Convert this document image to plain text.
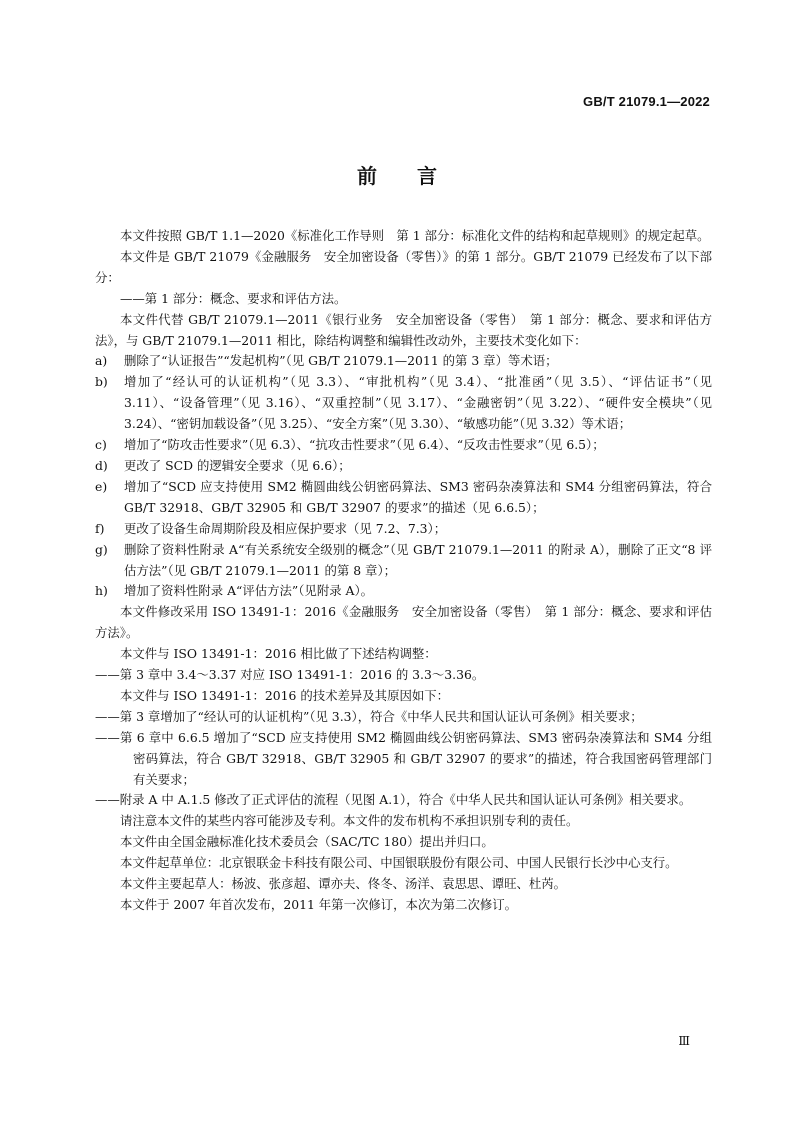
GB/T 21079.1—2022
前言

本文件按照 GB/T 1.1—2020《标准化工作导则　第 1 部分：标准化文件的结构和起草规则》的规定起草。

本文件是 GB/T 21079《金融服务　安全加密设备（零售）》的第 1 部分。GB/T 21079 已经发布了以下部分：

——第 1 部分：概念、要求和评估方法。

本文件代替 GB/T 21079.1—2011《银行业务　安全加密设备（零售）　第 1 部分：概念、要求和评估方法》，与 GB/T 21079.1—2011 相比，除结构调整和编辑性改动外，主要技术变化如下：

a)	删除了“认证报告”“发起机构”（见 GB/T 21079.1—2011 的第 3 章）等术语；
b)	增加了“经认可的认证机构”（见 3.3）、“审批机构”（见 3.4）、“批准函”（见 3.5）、“评估证书”（见 3.11）、“设备管理”（见 3.16）、“双重控制”（见 3.17）、“金融密钥”（见 3.22）、“硬件安全模块”（见 3.24）、“密钥加载设备”（见 3.25）、“安全方案”（见 3.30）、“敏感功能”（见 3.32）等术语；
c)	增加了“防攻击性要求”（见 6.3）、“抗攻击性要求”（见 6.4）、“反攻击性要求”（见 6.5）；
d)	更改了 SCD 的逻辑安全要求（见 6.6）；
e)	增加了“SCD 应支持使用 SM2 椭圆曲线公钥密码算法、SM3 密码杂凑算法和 SM4 分组密码算法，符合 GB/T 32918、GB/T 32905 和 GB/T 32907 的要求”的描述（见 6.6.5）；
f)	更改了设备生命周期阶段及相应保护要求（见 7.2、7.3）；
g)	删除了资料性附录 A“有关系统安全级别的概念”（见 GB/T 21079.1—2011 的附录 A），删除了正文“8 评估方法”（见 GB/T 21079.1—2011 的第 8 章）；
h)	增加了资料性附录 A“评估方法”（见附录 A）。

本文件修改采用 ISO 13491-1：2016《金融服务　安全加密设备（零售）　第 1 部分：概念、要求和评估方法》。

本文件与 ISO 13491-1：2016 相比做了下述结构调整：

——第 3 章中 3.4～3.37 对应 ISO 13491-1：2016 的 3.3～3.36。

本文件与 ISO 13491-1：2016 的技术差异及其原因如下：

——第 3 章增加了“经认可的认证机构”（见 3.3），符合《中华人民共和国认证认可条例》相关要求；

——第 6 章中 6.6.5 增加了“SCD 应支持使用 SM2 椭圆曲线公钥密码算法、SM3 密码杂凑算法和 SM4 分组密码算法，符合 GB/T 32918、GB/T 32905 和 GB/T 32907 的要求”的描述，符合我国密码管理部门有关要求；

——附录 A 中 A.1.5 修改了正式评估的流程（见图 A.1），符合《中华人民共和国认证认可条例》相关要求。

请注意本文件的某些内容可能涉及专利。本文件的发布机构不承担识别专利的责任。

本文件由全国金融标准化技术委员会（SAC/TC 180）提出并归口。

本文件起草单位：北京银联金卡科技有限公司、中国银联股份有限公司、中国人民银行长沙中心支行。

本文件主要起草人：杨波、张彦超、谭亦夫、佟冬、汤洋、袁思思、谭旺、杜芮。

本文件于 2007 年首次发布，2011 年第一次修订，本次为第二次修订。

Ⅲ
